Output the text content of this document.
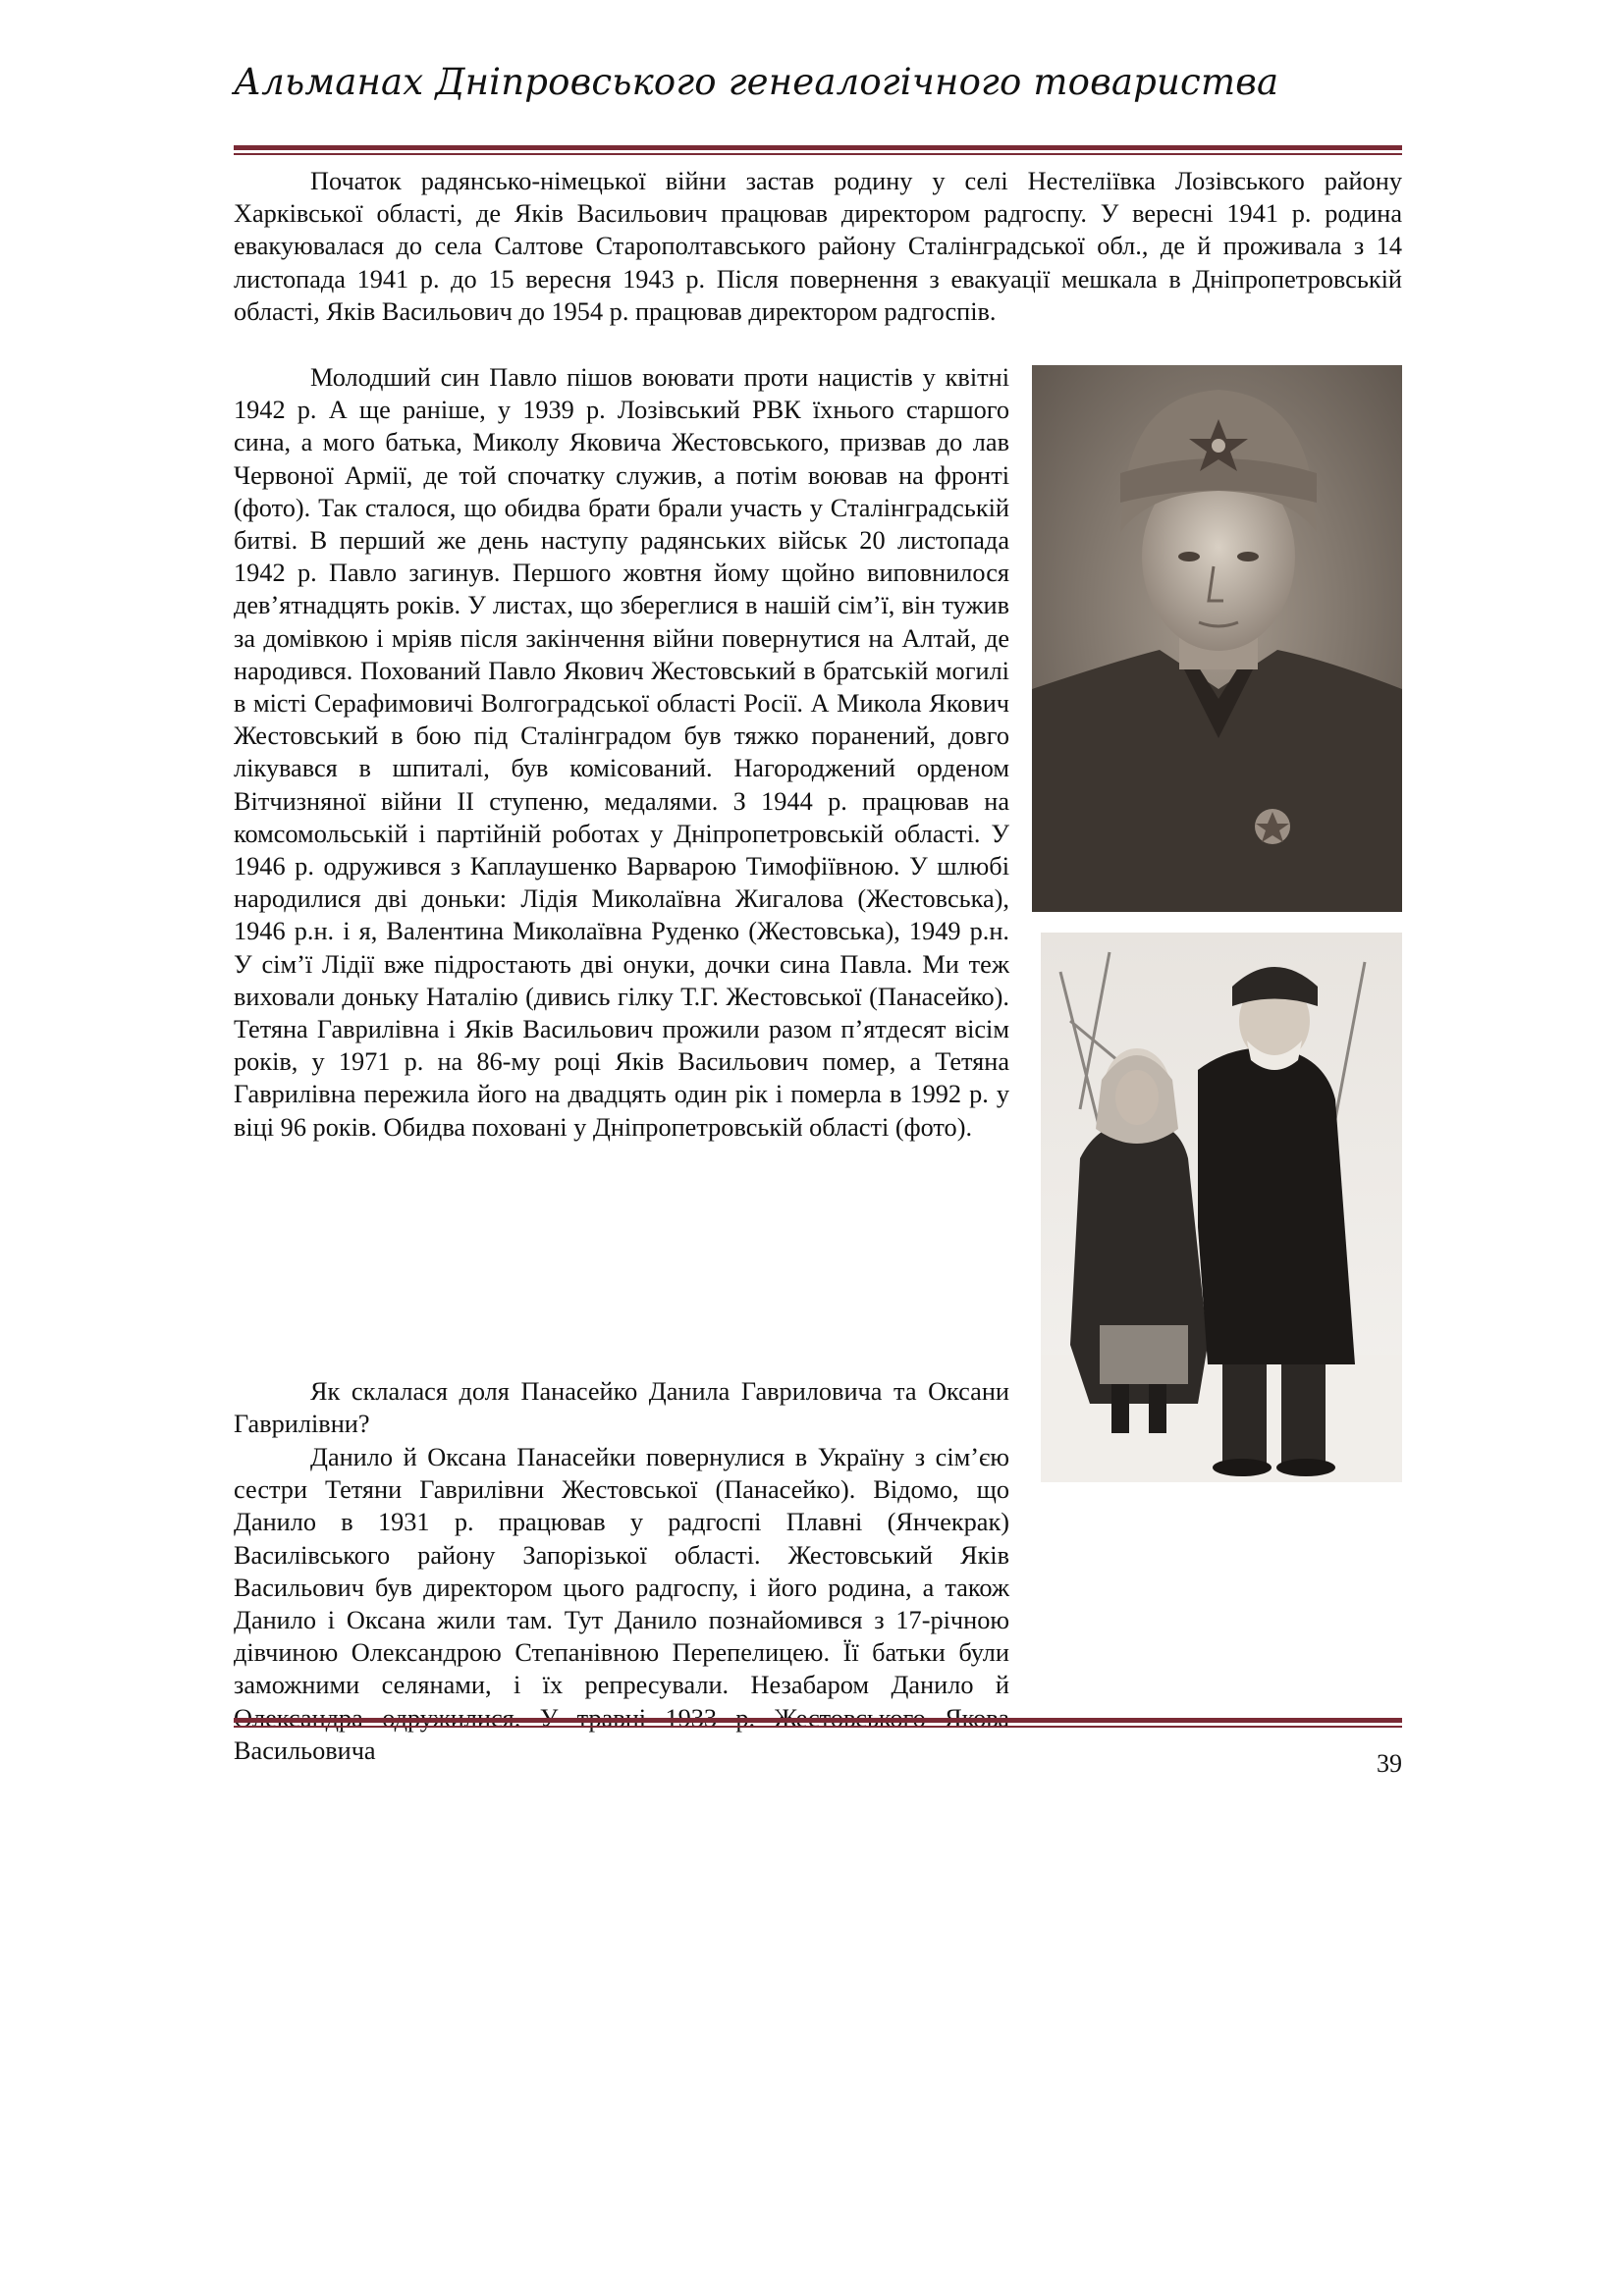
Альманах Дніпровського генеалогічного товариства

Початок радянсько-німецької війни застав родину у селі Нестеліївка Лозівського району Харківської області, де Яків Васильович працював директором радгоспу. У вересні 1941 р. родина евакуювалася до села Салтове Старополтавського району Сталінградської обл., де й проживала з 14 листопада 1941 р. до 15 вересня 1943 р. Після повернення з евакуації мешкала в Дніпропетровській області, Яків Васильович до 1954 р. працював директором радгоспів.

Молодший син Павло пішов воювати проти нацистів у квітні 1942 р. А ще раніше, у 1939 р. Лозівський РВК їхнього старшого сина, а мого батька, Миколу Яковича Жестовського, призвав до лав Червоної Армії, де той спочатку служив, а потім воював на фронті (фото). Так сталося, що обидва брати брали участь у Сталінградській битві. В перший же день наступу радянських військ 20 листопада 1942 р. Павло загинув. Першого жовтня йому щойно виповнилося дев’ятнадцять років. У листах, що збереглися в нашій сім’ї, він тужив за домівкою і мріяв після закінчення війни повернутися на Алтай, де народився. Похований Павло Якович Жестовський в братській могилі в місті Серафимовичі Волгоградської області Росії. А Микола Якович Жестовський в бою під Сталінградом був тяжко поранений, довго лікувався в шпиталі, був комісований. Нагороджений орденом Вітчизняної війни ІІ ступеню, медалями. З 1944 р. працював на комсомольській і партійній роботах у Дніпропетровській області. У 1946 р. одружився з Каплаушенко Варварою Тимофіївною. У шлюбі народилися дві доньки: Лідія Миколаївна Жигалова (Жестовська), 1946 р.н. і я, Валентина Миколаївна Руденко (Жестовська), 1949 р.н. У сім’ї Лідії вже підростають дві онуки, дочки сина Павла. Ми теж виховали доньку Наталію (дивись гілку Т.Г. Жестовської (Панасейко). Тетяна Гаврилівна і Яків Васильович прожили разом п’ятдесят вісім років, у 1971 р. на 86-му році Яків Васильович помер, а Тетяна Гаврилівна пережила його на двадцять один рік і померла в 1992 р. у віці 96 років. Обидва поховані у Дніпропетровській області (фото).

Як склалася доля Панасейко Данила Гавриловича та Оксани Гаврилівни?

Данило й Оксана Панасейки повернулися в Україну з сім’єю сестри Тетяни Гаврилівни Жестовської (Панасейко). Відомо, що Данило в 1931 р. працював у радгоспі Плавні (Янчекрак) Василівського району Запорізької області. Жестовський Яків Васильович був директором цього радгоспу, і його родина, а також Данило і Оксана жили там. Тут Данило познайомився з 17-річною дівчиною Олександрою Степанівною Перепелицею. Її батьки були заможними селянами, і їх репресували. Незабаром Данило й Васильовича	39
